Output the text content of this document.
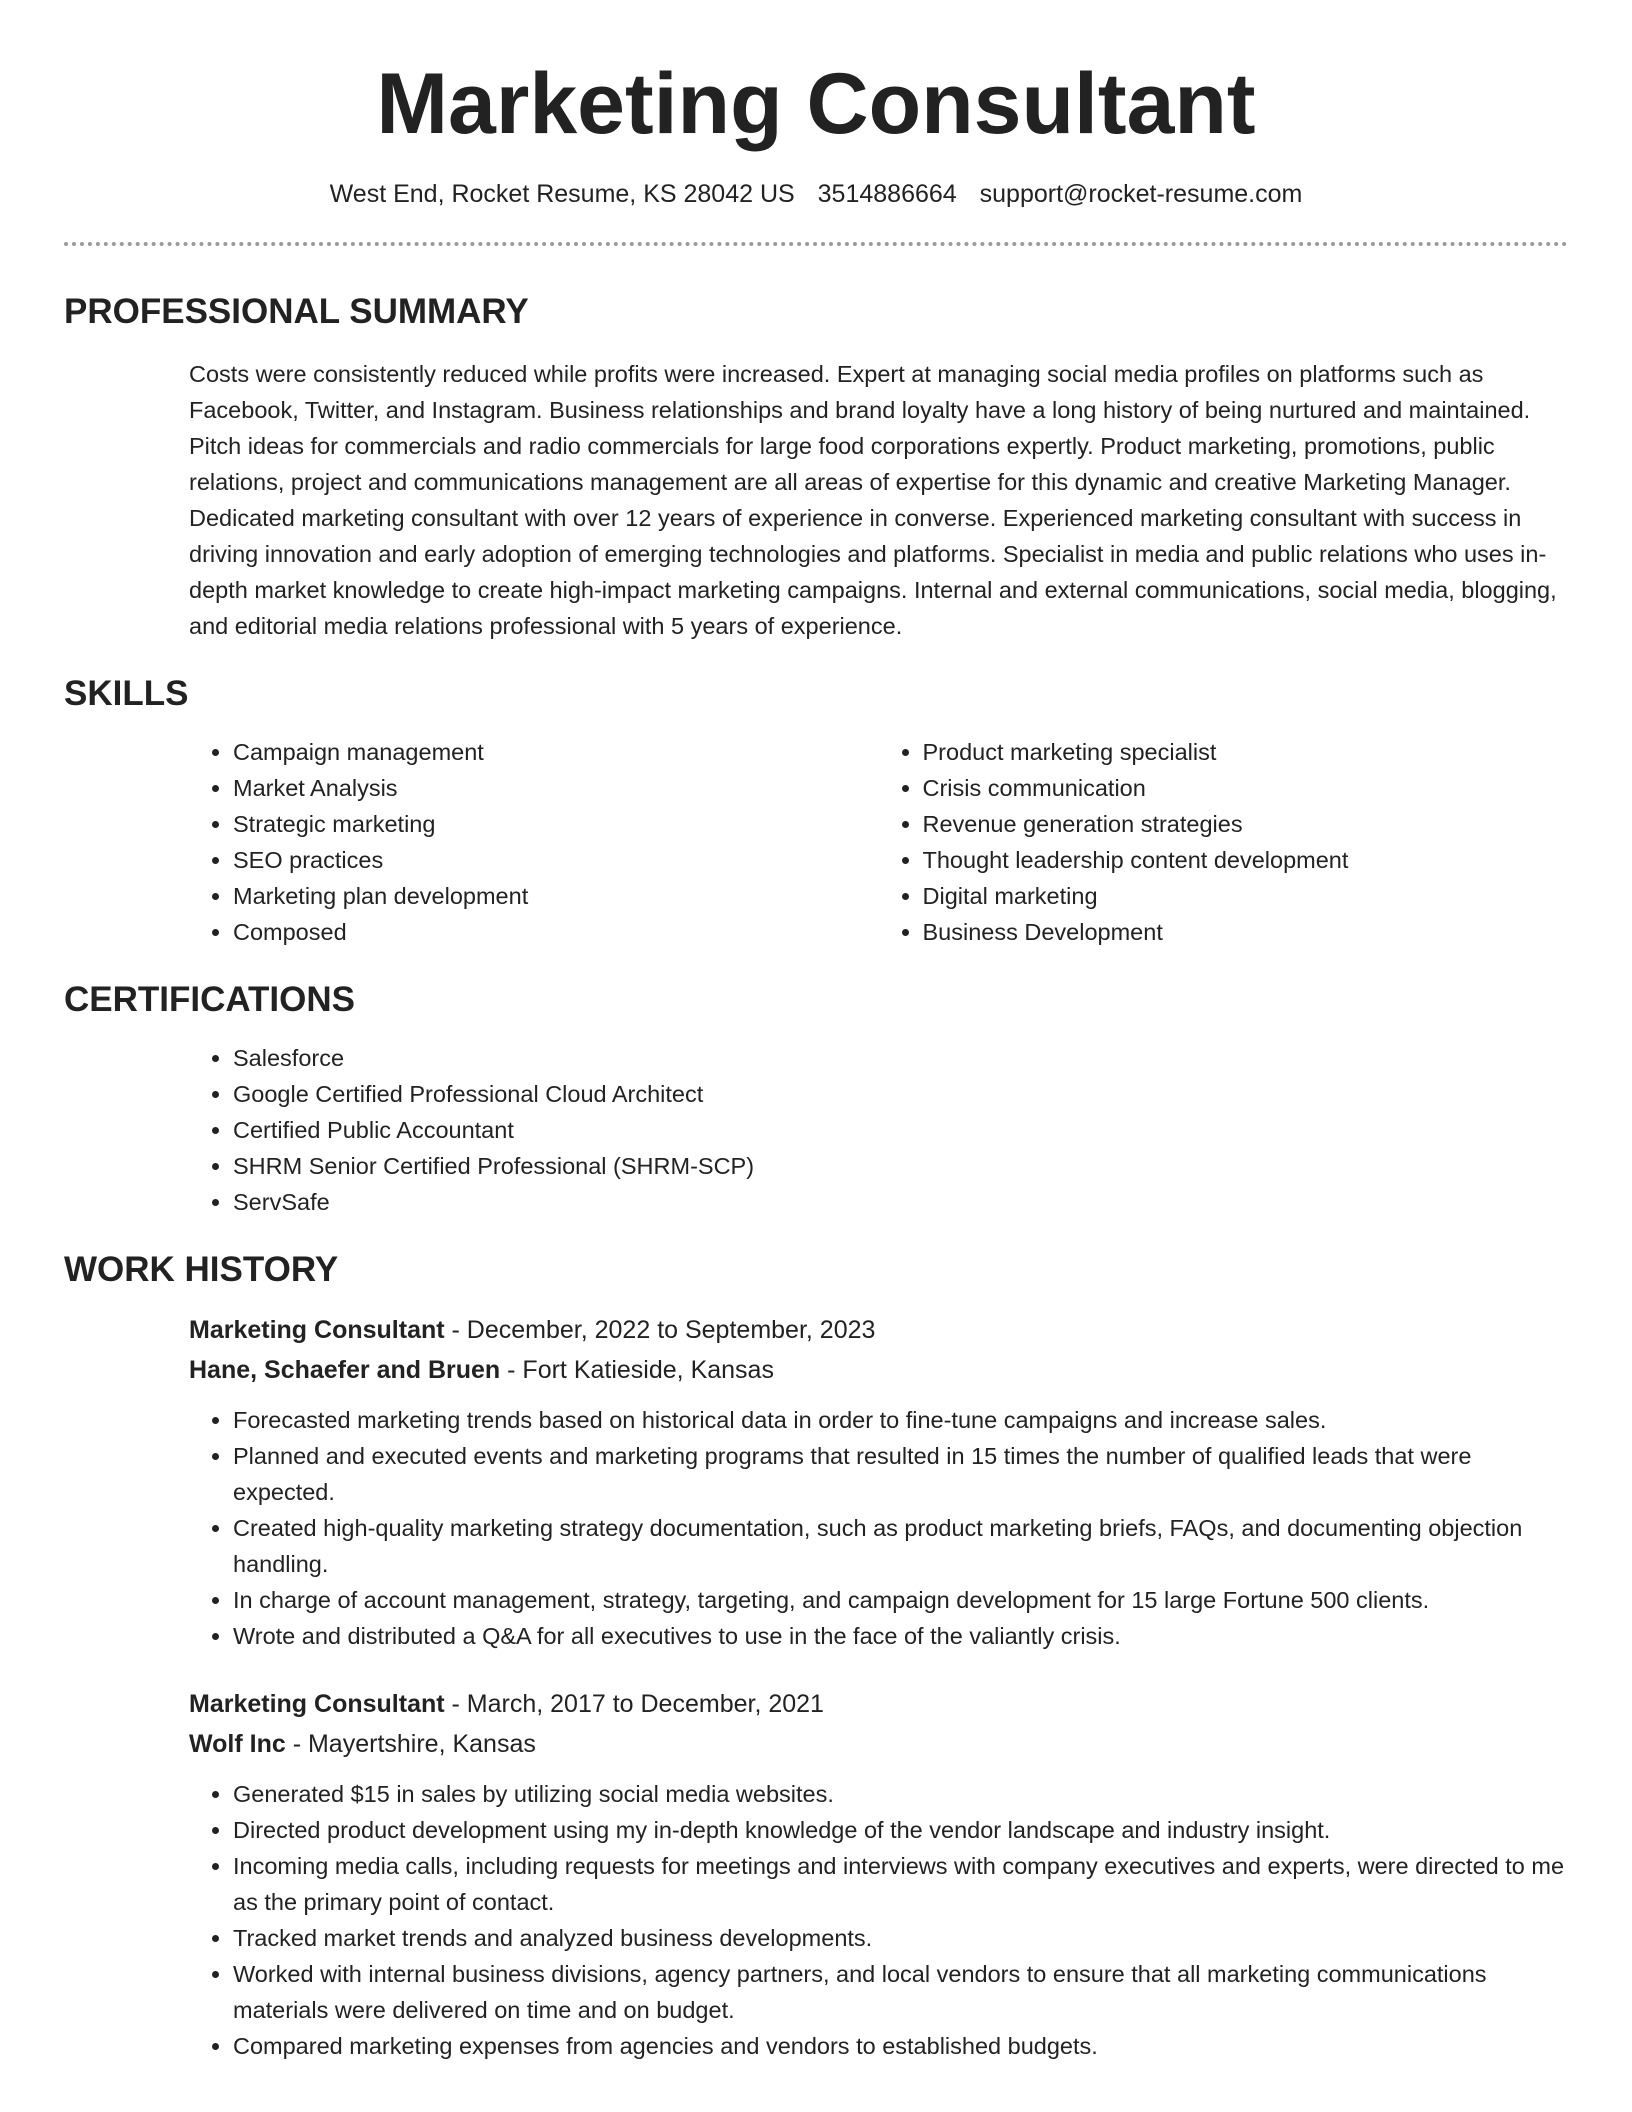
Marketing Consultant
West End, Rocket Resume, KS 28042 US 3514886664 support@rocket-resume.com
PROFESSIONAL SUMMARY

Costs were consistently reduced while profits were increased. Expert at managing social media profiles on platforms such as Facebook, Twitter, and Instagram. Business relationships and brand loyalty have a long history of being nurtured and maintained. Pitch ideas for commercials and radio commercials for large food corporations expertly. Product marketing, promotions, public relations, project and communications management are all areas of expertise for this dynamic and creative Marketing Manager. Dedicated marketing consultant with over 12 years of experience in converse. Experienced marketing consultant with success in driving innovation and early adoption of emerging technologies and platforms. Specialist in media and public relations who uses in-depth market knowledge to create high-impact marketing campaigns. Internal and external communications, social media, blogging, and editorial media relations professional with 5 years of experience.

SKILLS
• Campaign management
• Market Analysis
• Strategic marketing
• SEO practices
• Marketing plan development
• Composed
• Product marketing specialist
• Crisis communication
• Revenue generation strategies
• Thought leadership content development
• Digital marketing
• Business Development
CERTIFICATIONS
• Salesforce
• Google Certified Professional Cloud Architect
• Certified Public Accountant
• SHRM Senior Certified Professional (SHRM-SCP)
• ServSafe
WORK HISTORY
Marketing Consultant - December, 2022 to September, 2023
Hane, Schaefer and Bruen - Fort Katieside, Kansas
• Forecasted marketing trends based on historical data in order to fine-tune campaigns and increase sales.
• Planned and executed events and marketing programs that resulted in 15 times the number of qualified leads that were expected.
• Created high-quality marketing strategy documentation, such as product marketing briefs, FAQs, and documenting objection handling.
• In charge of account management, strategy, targeting, and campaign development for 15 large Fortune 500 clients.
• Wrote and distributed a Q&A for all executives to use in the face of the valiantly crisis.
Marketing Consultant - March, 2017 to December, 2021
Wolf Inc - Mayertshire, Kansas
• Generated $15 in sales by utilizing social media websites.
• Directed product development using my in-depth knowledge of the vendor landscape and industry insight.
• Incoming media calls, including requests for meetings and interviews with company executives and experts, were directed to me as the primary point of contact.
• Tracked market trends and analyzed business developments.
• Worked with internal business divisions, agency partners, and local vendors to ensure that all marketing communications materials were delivered on time and on budget.
• Compared marketing expenses from agencies and vendors to established budgets.
